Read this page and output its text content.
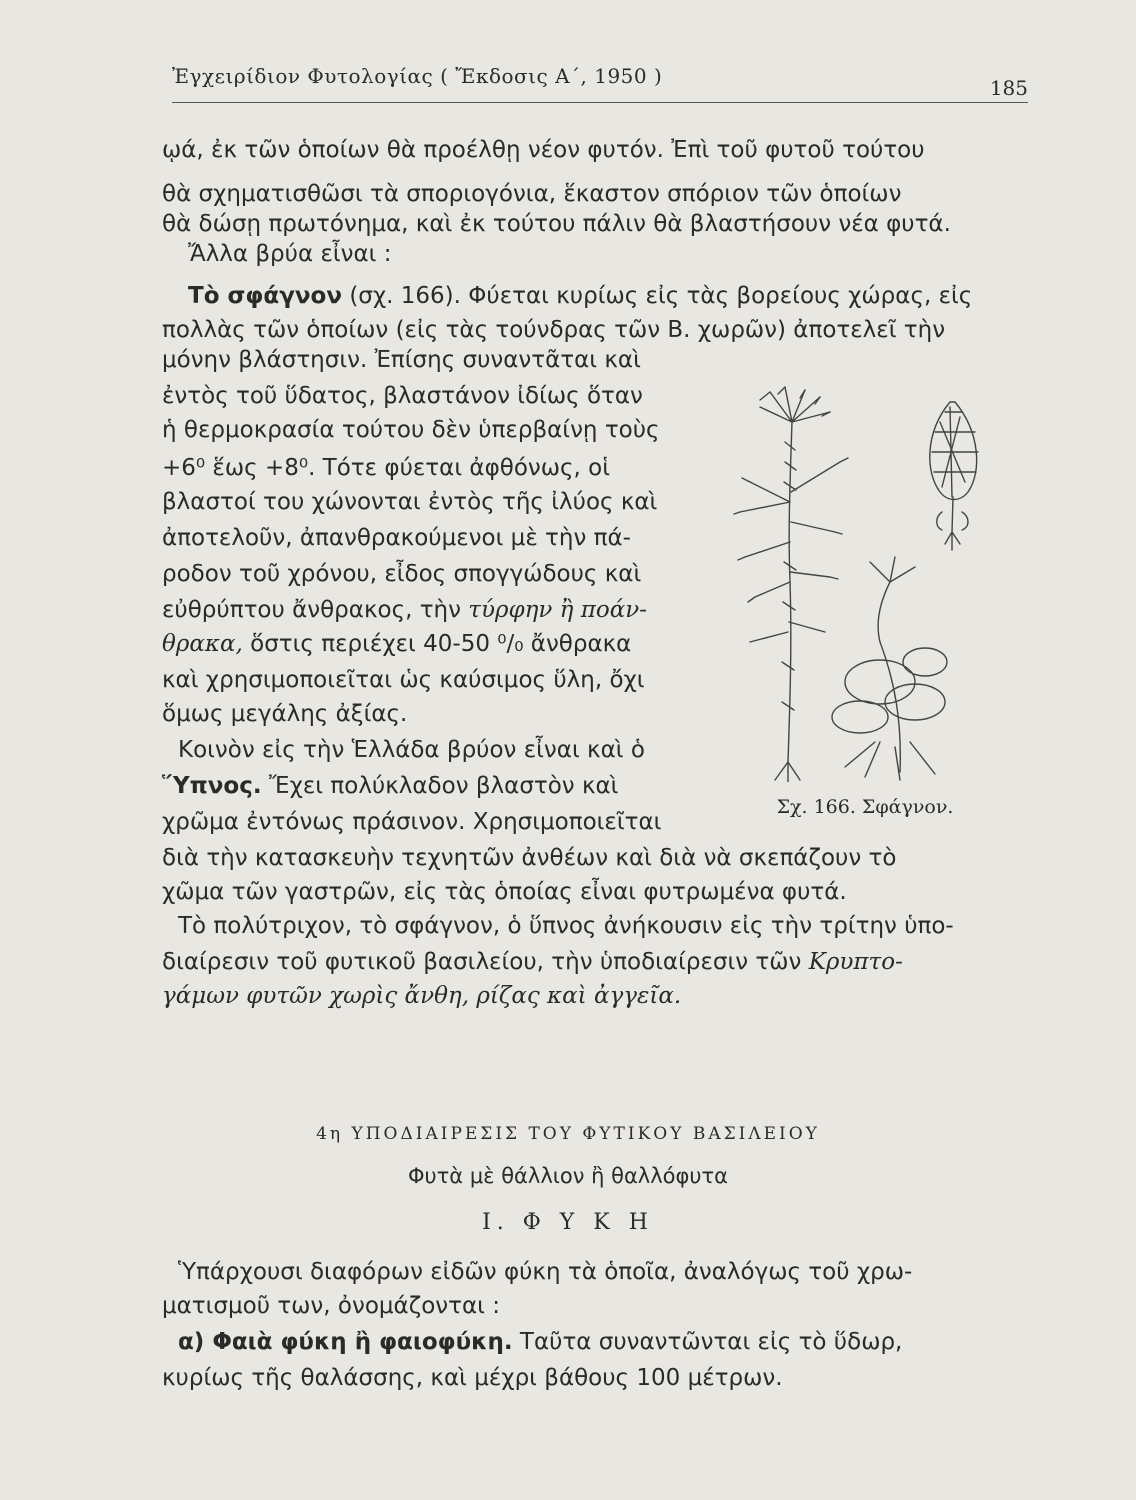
Ἐγχειρίδιον Φυτολογίας ( Ἔκδοσις Α΄, 1950 )	185
ῳά, ἐκ τῶν ὁποίων θὰ προέλθῃ νέον φυτόν. Ἐπὶ τοῦ φυτοῦ τούτου
θὰ σχηματισθῶσι τὰ σποριογόνια, ἕκαστον σπόριον τῶν ὁποίων
θὰ δώσῃ πρωτόνημα, καὶ ἐκ τούτου πάλιν θὰ βλαστήσουν νέα φυτά.
Ἄλλα βρύα εἶναι :
Τὸ σφάγνον (σχ. 166). Φύεται κυρίως εἰς τὰς βορείους χώρας, εἰς
πολλὰς τῶν ὁποίων (εἰς τὰς τούνδρας τῶν Β. χωρῶν) ἀποτελεῖ τὴν
μόνην βλάστησιν. Ἐπίσης συναντᾶται καὶ
ἐντὸς τοῦ ὕδατος, βλαστάνον ἰδίως ὅταν
ἡ θερμοκρασία τούτου δὲν ὑπερβαίνῃ τοὺς
+6⁰ ἕως +8⁰. Τότε φύεται ἀφθόνως, οἱ
βλαστοί του χώνονται ἐντὸς τῆς ἰλύος καὶ
ἀποτελοῦν, ἀπανθρακούμενοι μὲ τὴν πά-
ροδον τοῦ χρόνου, εἶδος σπογγώδους καὶ
εὐθρύπτου ἄνθρακος, τὴν τύρφην ἢ ποάν-
θρακα, ὅστις περιέχει 40-50 ⁰/₀ ἄνθρακα
καὶ χρησιμοποιεῖται ὡς καύσιμος ὕλη, ὄχι
ὅμως μεγάλης ἀξίας.
Κοινὸν εἰς τὴν Ἑλλάδα βρύον εἶναι καὶ ὁ
Ὕπνος. Ἔχει πολύκλαδον βλαστὸν καὶ
χρῶμα ἐντόνως πράσινον. Χρησιμοποιεῖται
διὰ τὴν κατασκευὴν τεχνητῶν ἀνθέων καὶ διὰ νὰ σκεπάζουν τὸ
χῶμα τῶν γαστρῶν, εἰς τὰς ὁποίας εἶναι φυτρωμένα φυτά.
Τὸ πολύτριχον, τὸ σφάγνον, ὁ ὕπνος ἀνήκουσιν εἰς τὴν τρίτην ὑπο-
διαίρεσιν τοῦ φυτικοῦ βασιλείου, τὴν ὑποδιαίρεσιν τῶν Κρυπτο-
γάμων φυτῶν χωρὶς ἄνθη, ρίζας καὶ ἀγγεῖα.
Σχ. 166. Σφάγνον.
4η ΥΠΟΔΙΑΙΡΕΣΙΣ ΤΟΥ ΦΥΤΙΚΟΥ ΒΑΣΙΛΕΙΟΥ
Φυτὰ μὲ θάλλιον ἢ θαλλόφυτα
I. Φ Υ Κ Η
Ὑπάρχουσι διαφόρων εἰδῶν φύκη τὰ ὁποῖα, ἀναλόγως τοῦ χρω-
ματισμοῦ των, ὀνομάζονται :
α) Φαιὰ φύκη ἢ φαιοφύκη. Ταῦτα συναντῶνται εἰς τὸ ὕδωρ,
κυρίως τῆς θαλάσσης, καὶ μέχρι βάθους 100 μέτρων.
